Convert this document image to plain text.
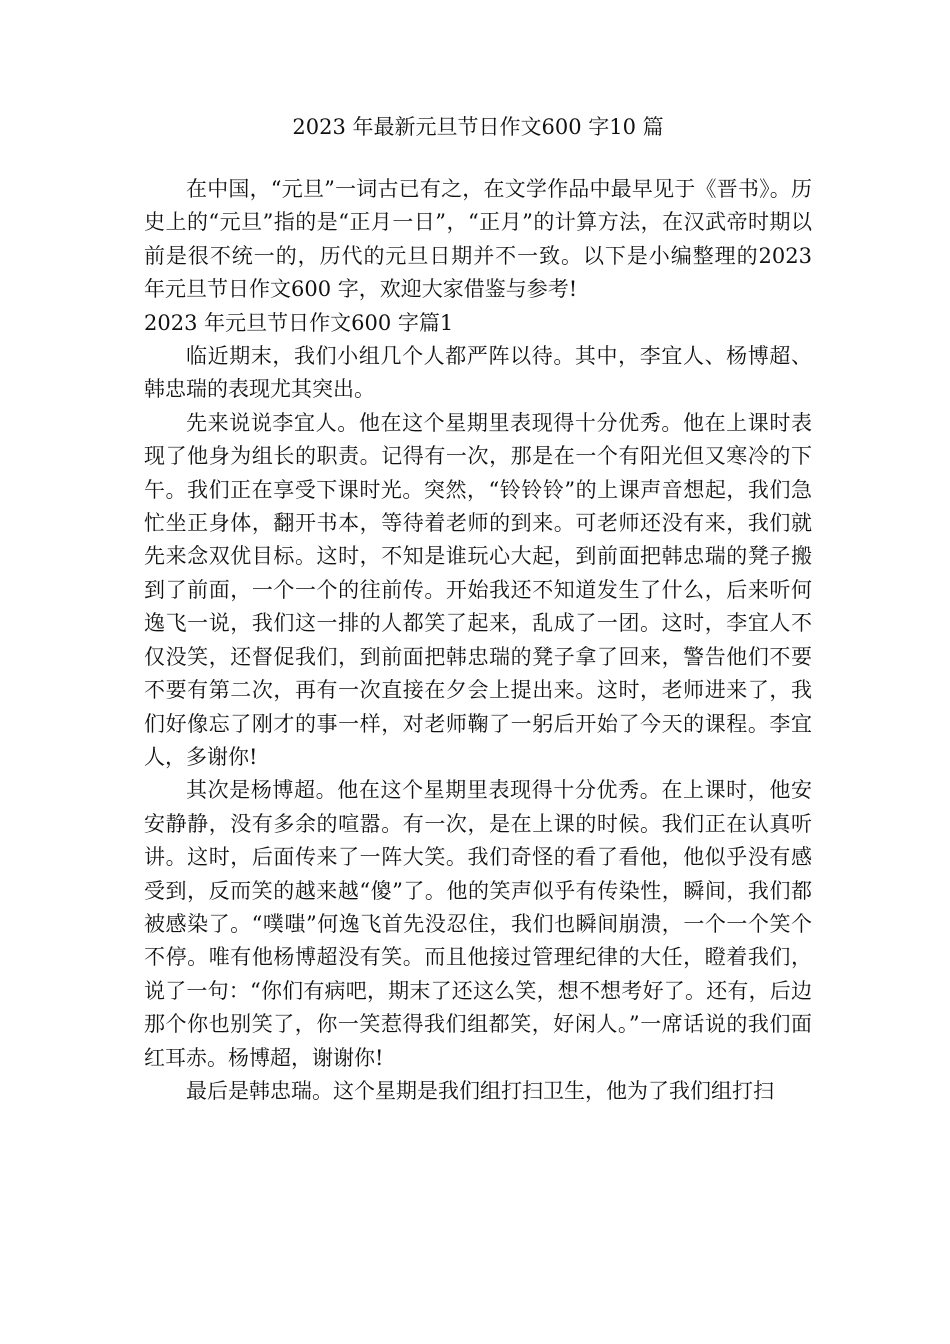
2023 年最新元旦节日作文600 字10 篇

在中国，“元旦”一词古已有之，在文学作品中最早见于《晋书》。历史上的“元旦”指的是“正月一日”，“正月”的计算方法，在汉武帝时期以前是很不统一的，历代的元旦日期并不一致。以下是小编整理的2023 年元旦节日作文600 字，欢迎大家借鉴与参考!

2023 年元旦节日作文600 字篇1

临近期末，我们小组几个人都严阵以待。其中，李宜人、杨博超、韩忠瑞的表现尤其突出。

先来说说李宜人。他在这个星期里表现得十分优秀。他在上课时表现了他身为组长的职责。记得有一次，那是在一个有阳光但又寒冷的下午。我们正在享受下课时光。突然，“铃铃铃”的上课声音想起，我们急忙坐正身体，翻开书本，等待着老师的到来。可老师还没有来，我们就先来念双优目标。这时，不知是谁玩心大起，到前面把韩忠瑞的凳子搬到了前面，一个一个的往前传。开始我还不知道发生了什么，后来听何逸飞一说，我们这一排的人都笑了起来，乱成了一团。这时，李宜人不仅没笑，还督促我们，到前面把韩忠瑞的凳子拿了回来，警告他们不要不要有第二次，再有一次直接在夕会上提出来。这时，老师进来了，我们好像忘了刚才的事一样，对老师鞠了一躬后开始了今天的课程。李宜人，多谢你!

其次是杨博超。他在这个星期里表现得十分优秀。在上课时，他安安静静，没有多余的喧嚣。有一次，是在上课的时候。我们正在认真听讲。这时，后面传来了一阵大笑。我们奇怪的看了看他，他似乎没有感受到，反而笑的越来越“傻”了。他的笑声似乎有传染性，瞬间，我们都被感染了。“噗嗤”何逸飞首先没忍住，我们也瞬间崩溃，一个一个笑个不停。唯有他杨博超没有笑。而且他接过管理纪律的大任，瞪着我们，说了一句：“你们有病吧，期末了还这么笑，想不想考好了。还有，后边那个你也别笑了，你一笑惹得我们组都笑，好闲人。”一席话说的我们面红耳赤。杨博超，谢谢你!

最后是韩忠瑞。这个星期是我们组打扫卫生，他为了我们组打扫
